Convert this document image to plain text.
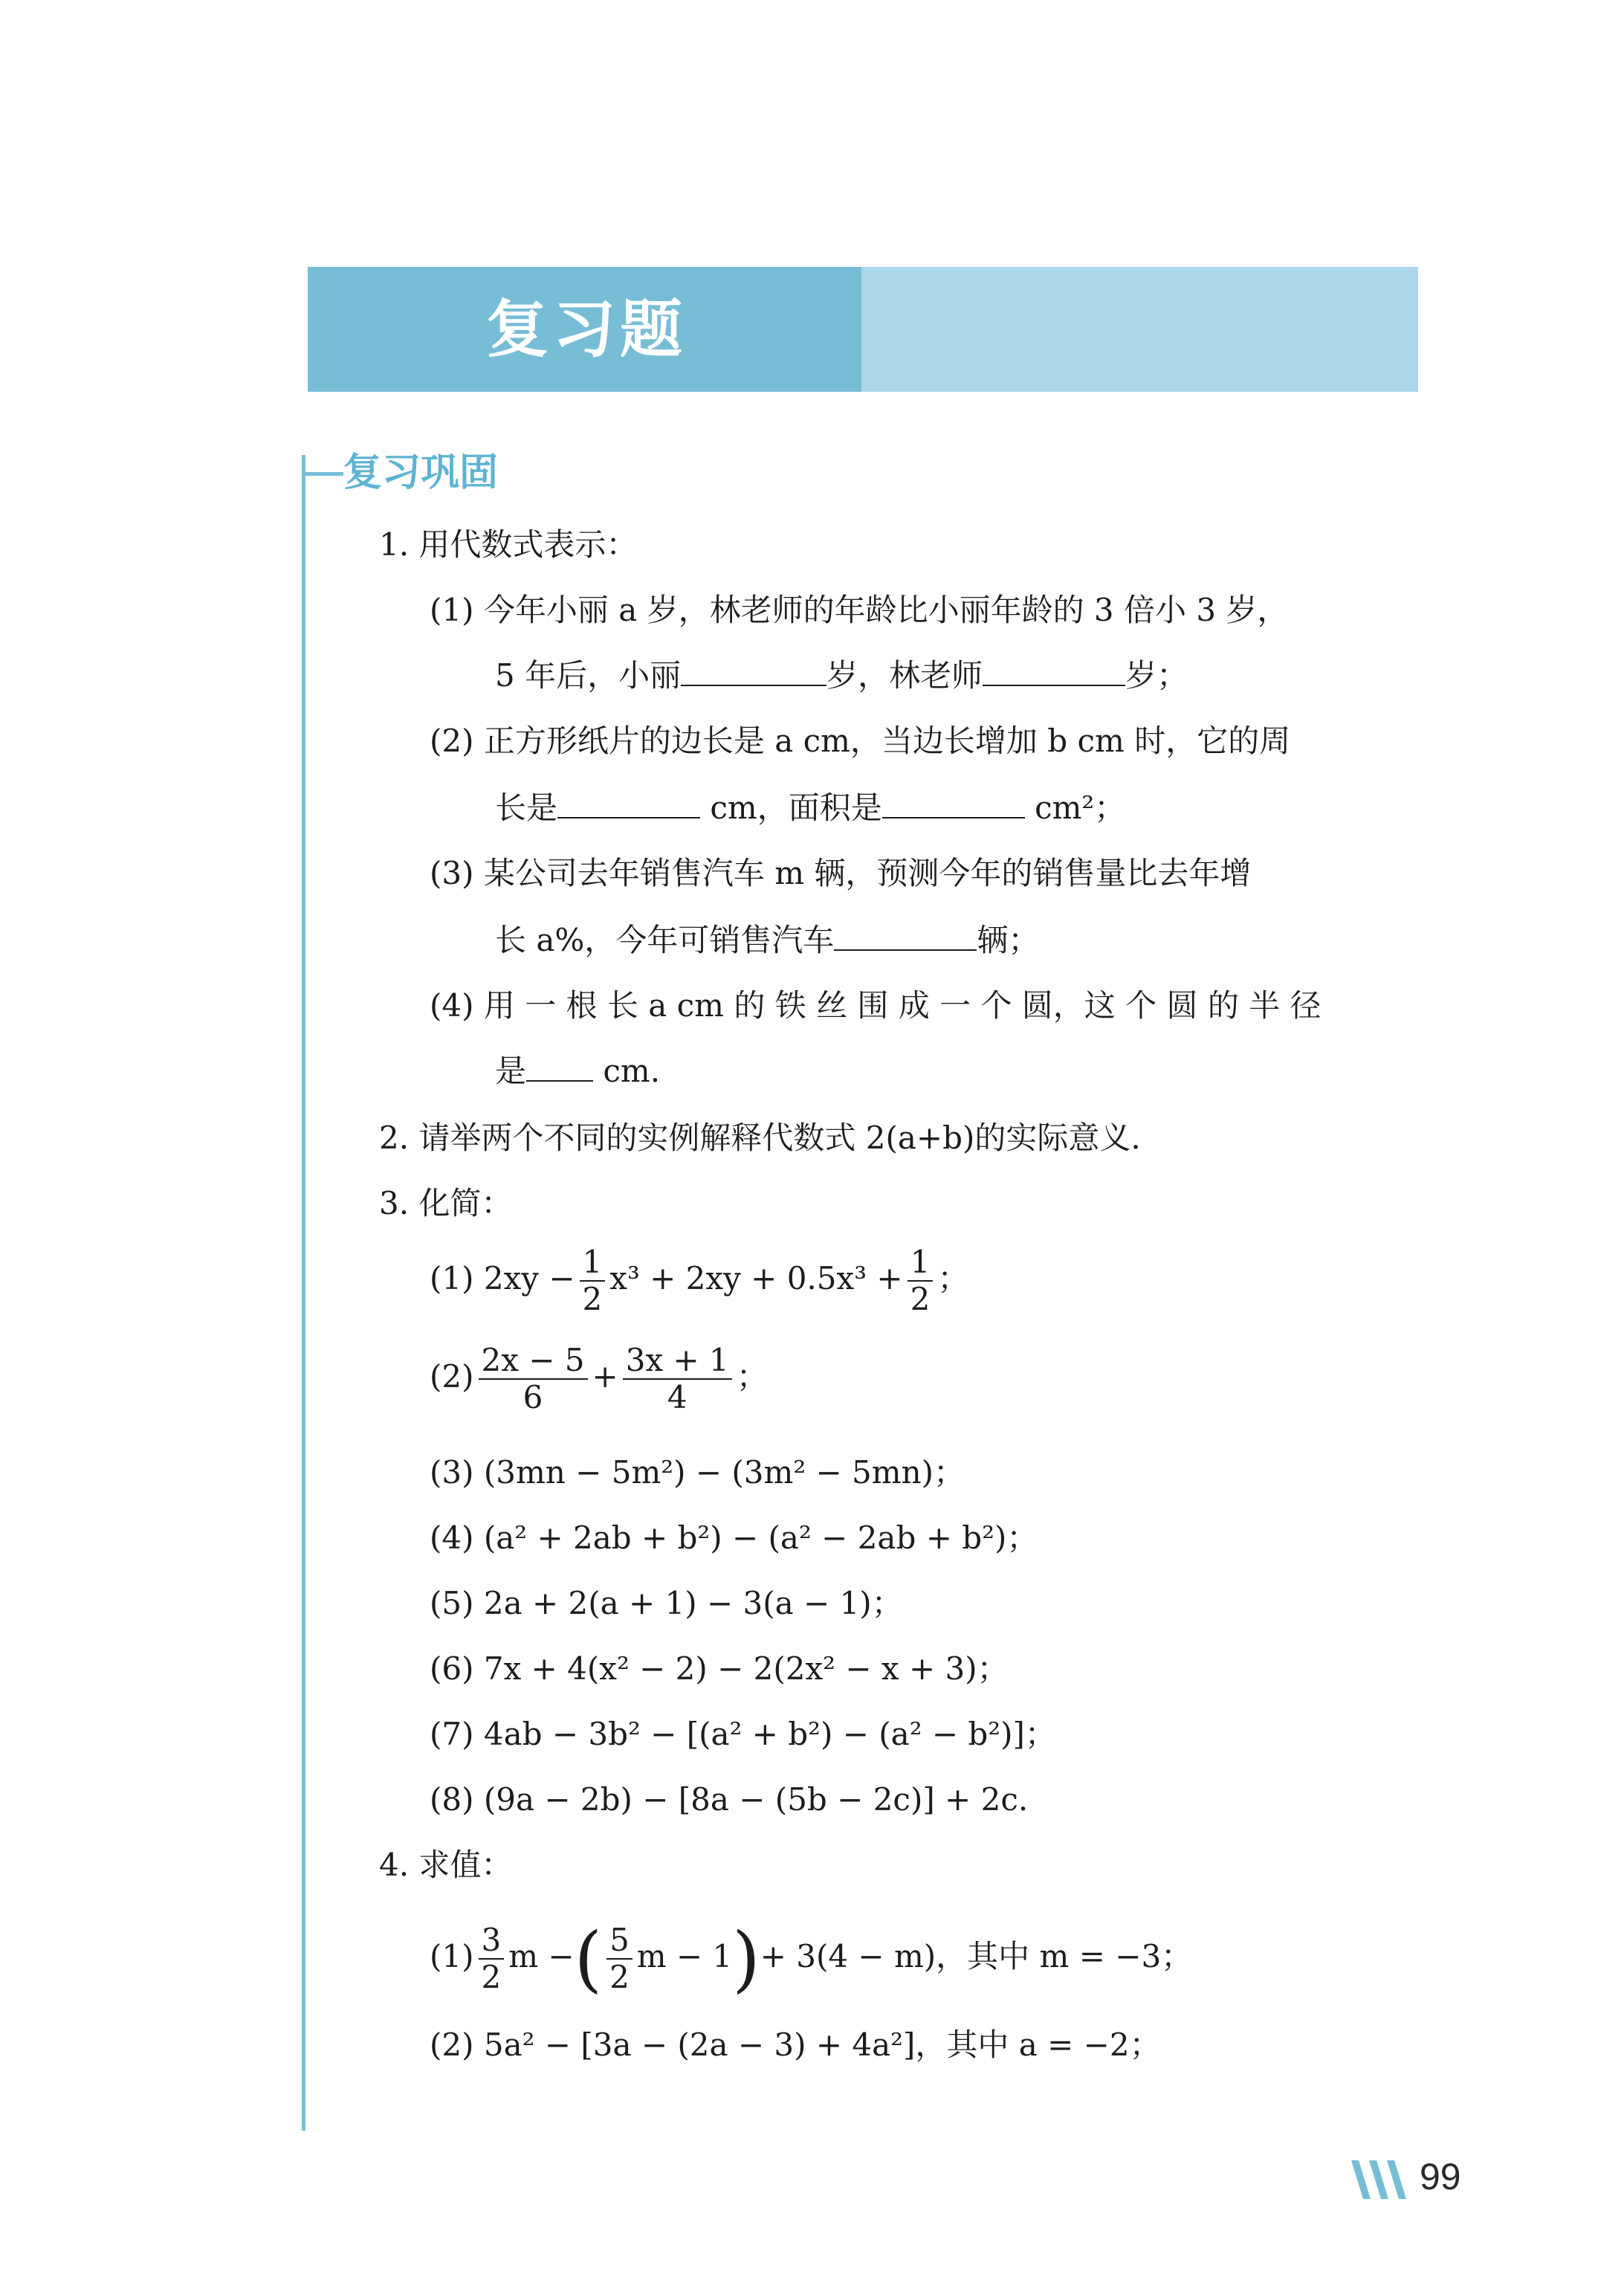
复习题
复习巩固
1. 用代数式表示：
(1) 今年小丽 a 岁，林老师的年龄比小丽年龄的 3 倍小 3 岁，
5 年后，小丽	岁，林老师	岁；
(2) 正方形纸片的边长是 a cm，当边长增加 b cm 时，它的周
长是	cm，面积是	cm²；
(3) 某公司去年销售汽车 m 辆，预测今年的销售量比去年增
长 a%，今年可销售汽车	辆；
(4) 用 一 根 长 a cm 的 铁 丝 围 成 一 个 圆，这 个 圆 的 半 径
是 cm.
2. 请举两个不同的实例解释代数式 2(a+b)的实际意义.
3. 化简：
(1) $2xy - \frac{1}{2} x^3 + 2xy + 0.5x^3 + \frac{1}{2}$ ；
$(2) \frac{2x - 5}{6} + \frac{3x + 1}{4}$ ；
(3) (3mn − 5m²) − (3m² − 5mn)；
(4) (a² + 2ab + b²) − (a² − 2ab + b²)；
(5) 2a + 2(a + 1) − 3(a − 1)；
(6) 7x + 4(x² − 2) − 2(2x² − x + 3)；
(7) 4ab − 3b² − [(a² + b²) − (a² − b²)]；
(8) (9a − 2b) − [8a − (5b − 2c)] + 2c.
4. 求值：
$(1) \frac{3}{2}$ m −( $\frac{5}{2}$ m − 1)+ 3(4 − m)，其中 m = −3；
(2) 5a² − [3a − (2a − 3) + 4a²]，其中 a = −2；
99
